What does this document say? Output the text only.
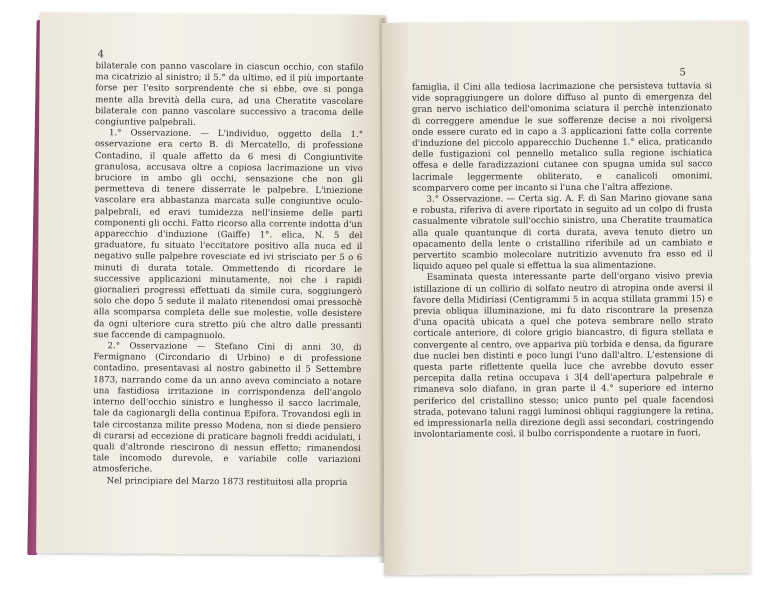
4

bilaterale con panno vascolare in ciascun occhio, con stafilo ma cicatrizio al sinistro; il 5.° da ultimo, ed il più importante forse per l'esito sorprendente che si ebbe, ove si ponga mente alla brevità della cura, ad una Cheratite vascolare bilaterale con panno vascolare successivo a tracoma delle congiuntive palpebrali.

1.° Osservazione. — L'individuo, oggetto della 1.° osservazione era certo B. di Mercatello, di professione Contadino, il quale affetto da 6 mesi di Congiuntivite granulosa, accusava oltre a copiosa lacrimazione un vivo bruciore in ambo gli occhi, sensazione che non gli permetteva di tenere disserrate le palpebre. L'iniezione vascolare era abbastanza marcata sulle congiuntive oculo-palpebrali, ed eravi tumidezza nell'insieme delle parti componenti gli occhi. Fatto ricorso alla corrente indotta d'un apparecchio d'induzione (Gaiffe) 1°. elica, N. 5 del graduatore, fu situato l'eccitatore positivo alla nuca ed il negativo sulle palpebre rovesciate ed ivi strisciato per 5 o 6 minuti di durata totale. Ommettendo di ricordare le successive applicazioni minutamente, noi che i rapidi giornalieri progressi effettuati da simile cura, soggiungerò solo che dopo 5 sedute il malato ritenendosi omai pressochè alla scomparsa completa delle sue molestie, volle desistere da ogni ulteriore cura stretto più che altro dalle pressanti sue faccende di campagnuolo.

2.° Osservazione — Stefano Cini di anni 30, di Fermignano (Circondario di Urbino) e di professione contadino, presentavasi al nostro gabinetto il 5 Settembre 1873, narrando come da un anno aveva cominciato a notare una fastidiosa irritazione in corrispondenza dell'angolo interno dell'occhio sinistro e lunghesso il sacco lacrimale, tale da cagionargli della continua Epifora. Trovandosi egli in tale circostanza milite presso Modena, non si diede pensiero di curarsi ad eccezione di praticare bagnoli freddi acidulati, i quali d'altronde riescirono di nessun effetto; rimanendosi tale incomodo durevole, e variabile colle variazioni atmosferiche.

Nel principiare del Marzo 1873 restituitosi alla propria

5

famiglia, il Cini alla tediosa lacrimazione che persisteva tuttavia si vide sopraggiungere un dolore diffuso al punto di emergenza del gran nervo ischiatico dell'omonima sciatura il perchè intenzionato di correggere amendue le sue sofferenze decise a noi rivolgersi onde essere curato ed in capo a 3 applicazioni fatte colla corrente d'induzione del piccolo apparecchio Duchenne 1.° elica, praticando delle fustigazioni col pennello metalico sulla regione ischiatica offesa e delle faradizzazioni cutanee con spugna umida sul sacco lacrimale leggermente obliterato, e canalicoli omonimi, scomparvero come per incanto si l'una che l'altra affezione.

3.° Osservazione. — Certa sig. A. F. di San Marino giovane sana e robusta, riferiva di avere riportato in seguito ad un colpo di frusta casualmente vibratole sull'occhio sinistro, una Cheratite traumatica alla quale quantunque di corta durata, aveva tenuto dietro un opacamento della lente o cristallino riferibile ad un cambiato e pervertito scambio molecolare nutritizio avvenuto fra esso ed il liquido aqueo pel quale si effettua la sua alimentazione.

Esaminata questa interessante parte dell'organo visivo previa istillazione di un collirio di solfato neutro di atropina onde aversi il favore della Midiriasi (Centigrammi 5 in acqua stillata grammi 15) e previa obliqua illuminazione, mi fu dato riscontrare la presenza d'una opacità ubicata a quel che poteva sembrare nello strato corticale anteriore, di colore grigio biancastro, di figura stellata e convergente al centro, ove appariva più torbida e densa, da figurare due nuclei ben distinti e poco lungi l'uno dall'altro. L'estensione di questa parte riflettente quella luce che avrebbe dovuto esser percepita dalla retina occupava i 3[4 dell'apertura palpebrale e rimaneva solo diafano, in gran parte il 4.° superiore ed interno periferico del cristallino stesso; unico punto pel quale facendosi strada, potevano taluni raggi luminosi obliqui raggiungere la retina, ed impressionarla nella direzione degli assi secondari, costringendo involontariamente così, il bulbo corrispondente a ruotare in fuori,
